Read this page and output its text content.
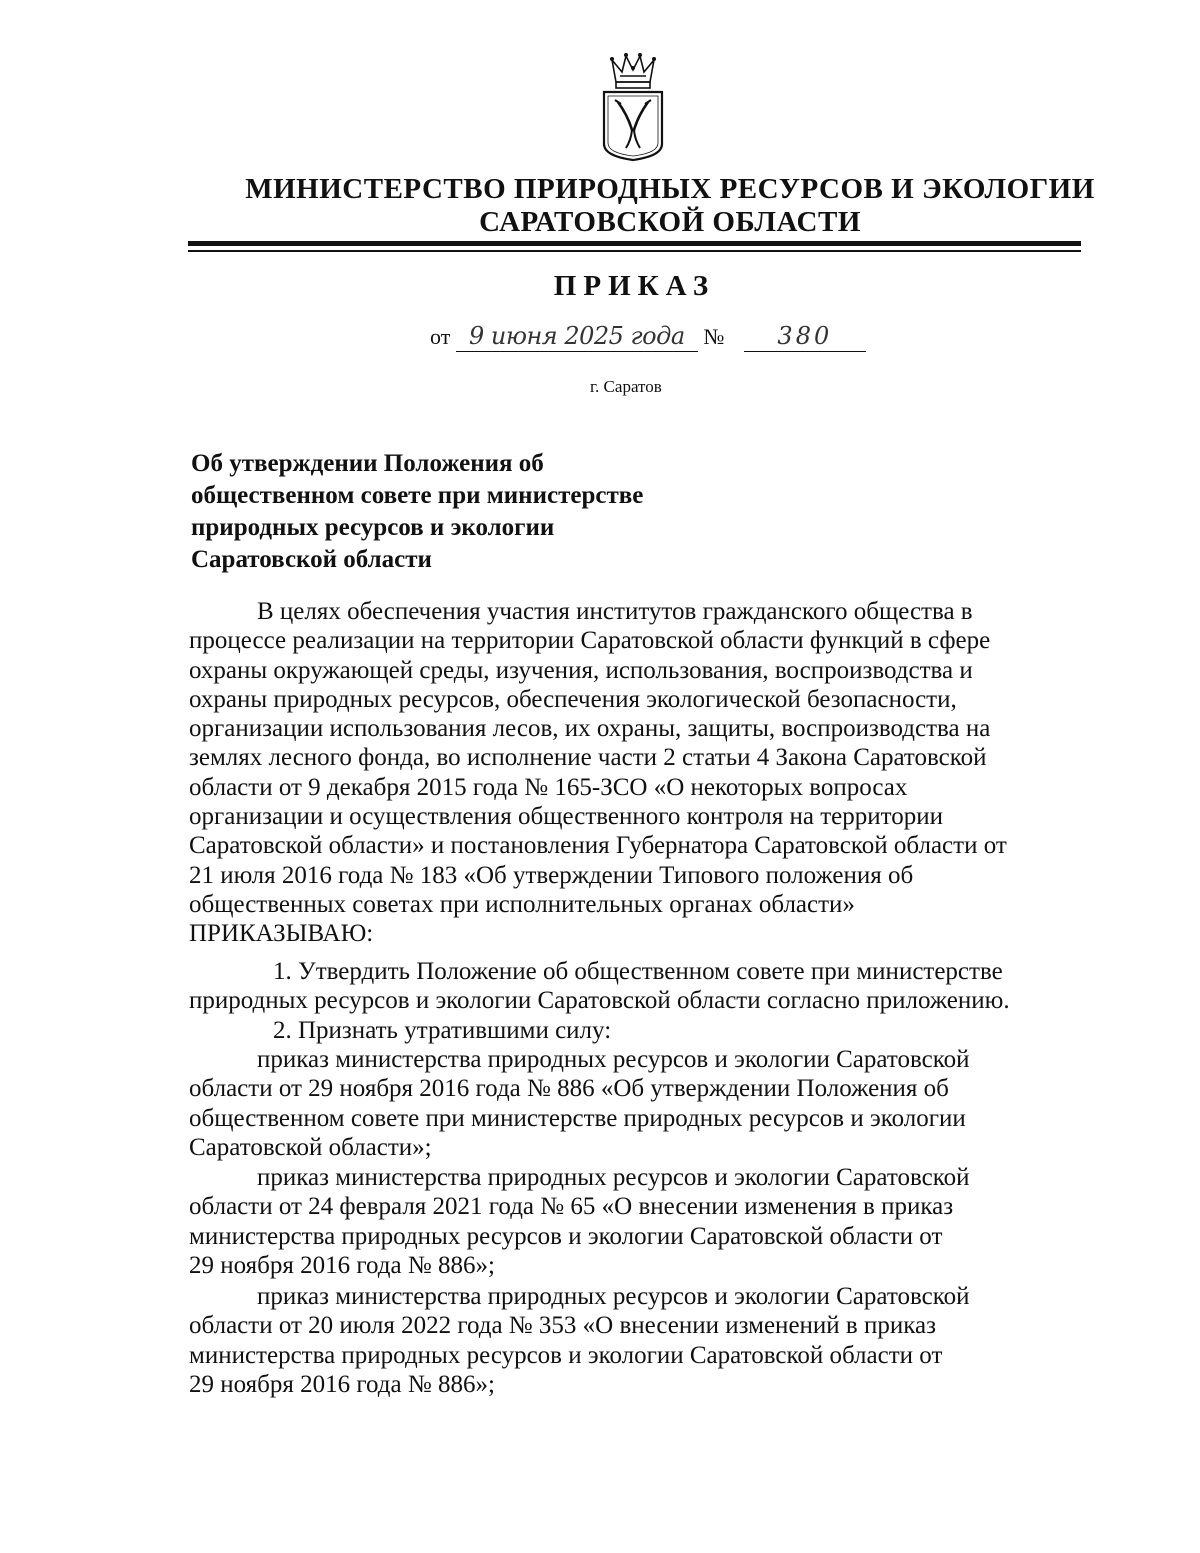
МИНИСТЕРСТВО ПРИРОДНЫХ РЕСУРСОВ И ЭКОЛОГИИ
САРАТОВСКОЙ ОБЛАСТИ
ПРИКАЗ
от 9 июня 2025 года № 380
г. Саратов
Об утверждении Положения об
общественном совете при министерстве
природных ресурсов и экологии
Саратовской области
В целях обеспечения участия институтов гражданского общества в
процессе реализации на территории Саратовской области функций в сфере
охраны окружающей среды, изучения, использования, воспроизводства и
охраны природных ресурсов, обеспечения экологической безопасности,
организации использования лесов, их охраны, защиты, воспроизводства на
землях лесного фонда, во исполнение части 2 статьи 4 Закона Саратовской
области от 9 декабря 2015 года № 165-ЗСО «О некоторых вопросах
организации и осуществления общественного контроля на территории
Саратовской области» и постановления Губернатора Саратовской области от
21 июля 2016 года № 183 «Об утверждении Типового положения об
общественных советах при исполнительных органах области»
ПРИКАЗЫВАЮ:
1. Утвердить Положение об общественном совете при министерстве
природных ресурсов и экологии Саратовской области согласно приложению.
2. Признать утратившими силу:
приказ министерства природных ресурсов и экологии Саратовской
области от 29 ноября 2016 года № 886 «Об утверждении Положения об
общественном совете при министерстве природных ресурсов и экологии
Саратовской области»;
приказ министерства природных ресурсов и экологии Саратовской
области от 24 февраля 2021 года № 65 «О внесении изменения в приказ
министерства природных ресурсов и экологии Саратовской области от
29 ноября 2016 года № 886»;
приказ министерства природных ресурсов и экологии Саратовской
области от 20 июля 2022 года № 353 «О внесении изменений в приказ
министерства природных ресурсов и экологии Саратовской области от
29 ноября 2016 года № 886»;
